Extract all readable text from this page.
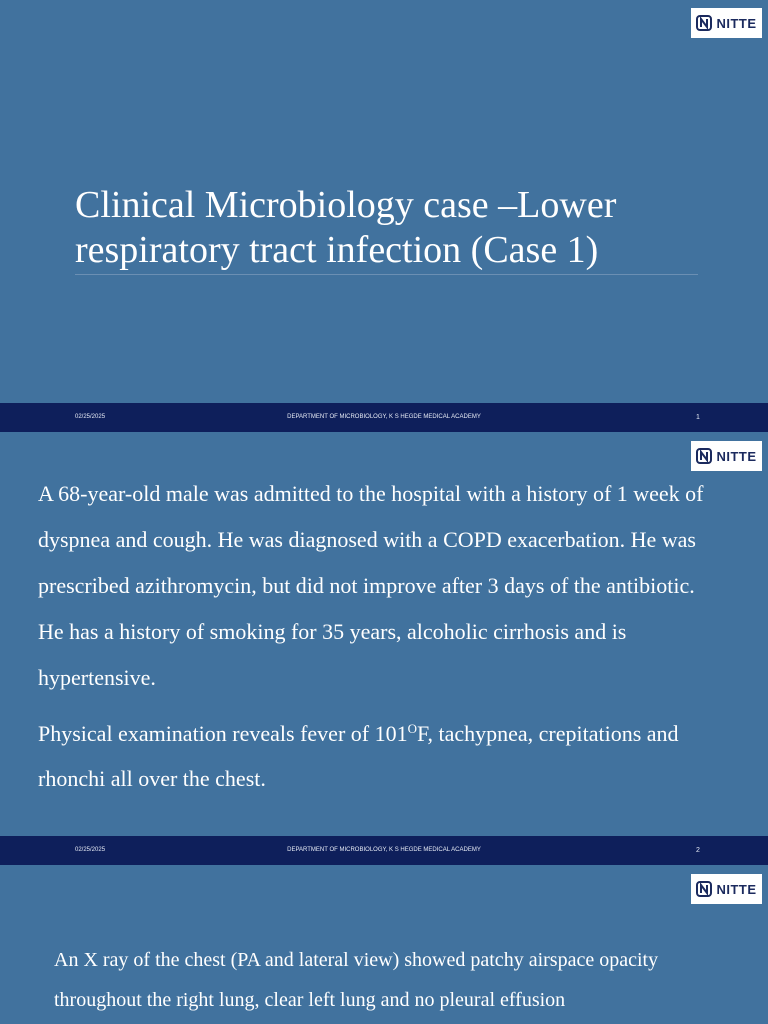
NITTE
Clinical Microbiology case –Lower respiratory tract infection (Case 1)
02/25/2025	DEPARTMENT OF MICROBIOLOGY, K S HEGDE MEDICAL ACADEMY	1
NITTE

A 68-year-old male was admitted to the hospital with a history of 1 week of dyspnea and cough. He was diagnosed with a COPD exacerbation. He was prescribed azithromycin, but did not improve after 3 days of the antibiotic. He has a history of smoking for 35 years, alcoholic cirrhosis and is hypertensive.

Physical examination reveals fever of $101^OF$, tachypnea, crepitations and rhonchi all over the chest.

02/25/2025	DEPARTMENT OF MICROBIOLOGY, K S HEGDE MEDICAL ACADEMY	2
NITTE

An X ray of the chest (PA and lateral view) showed patchy airspace opacity throughout the right lung, clear left lung and no pleural effusion
